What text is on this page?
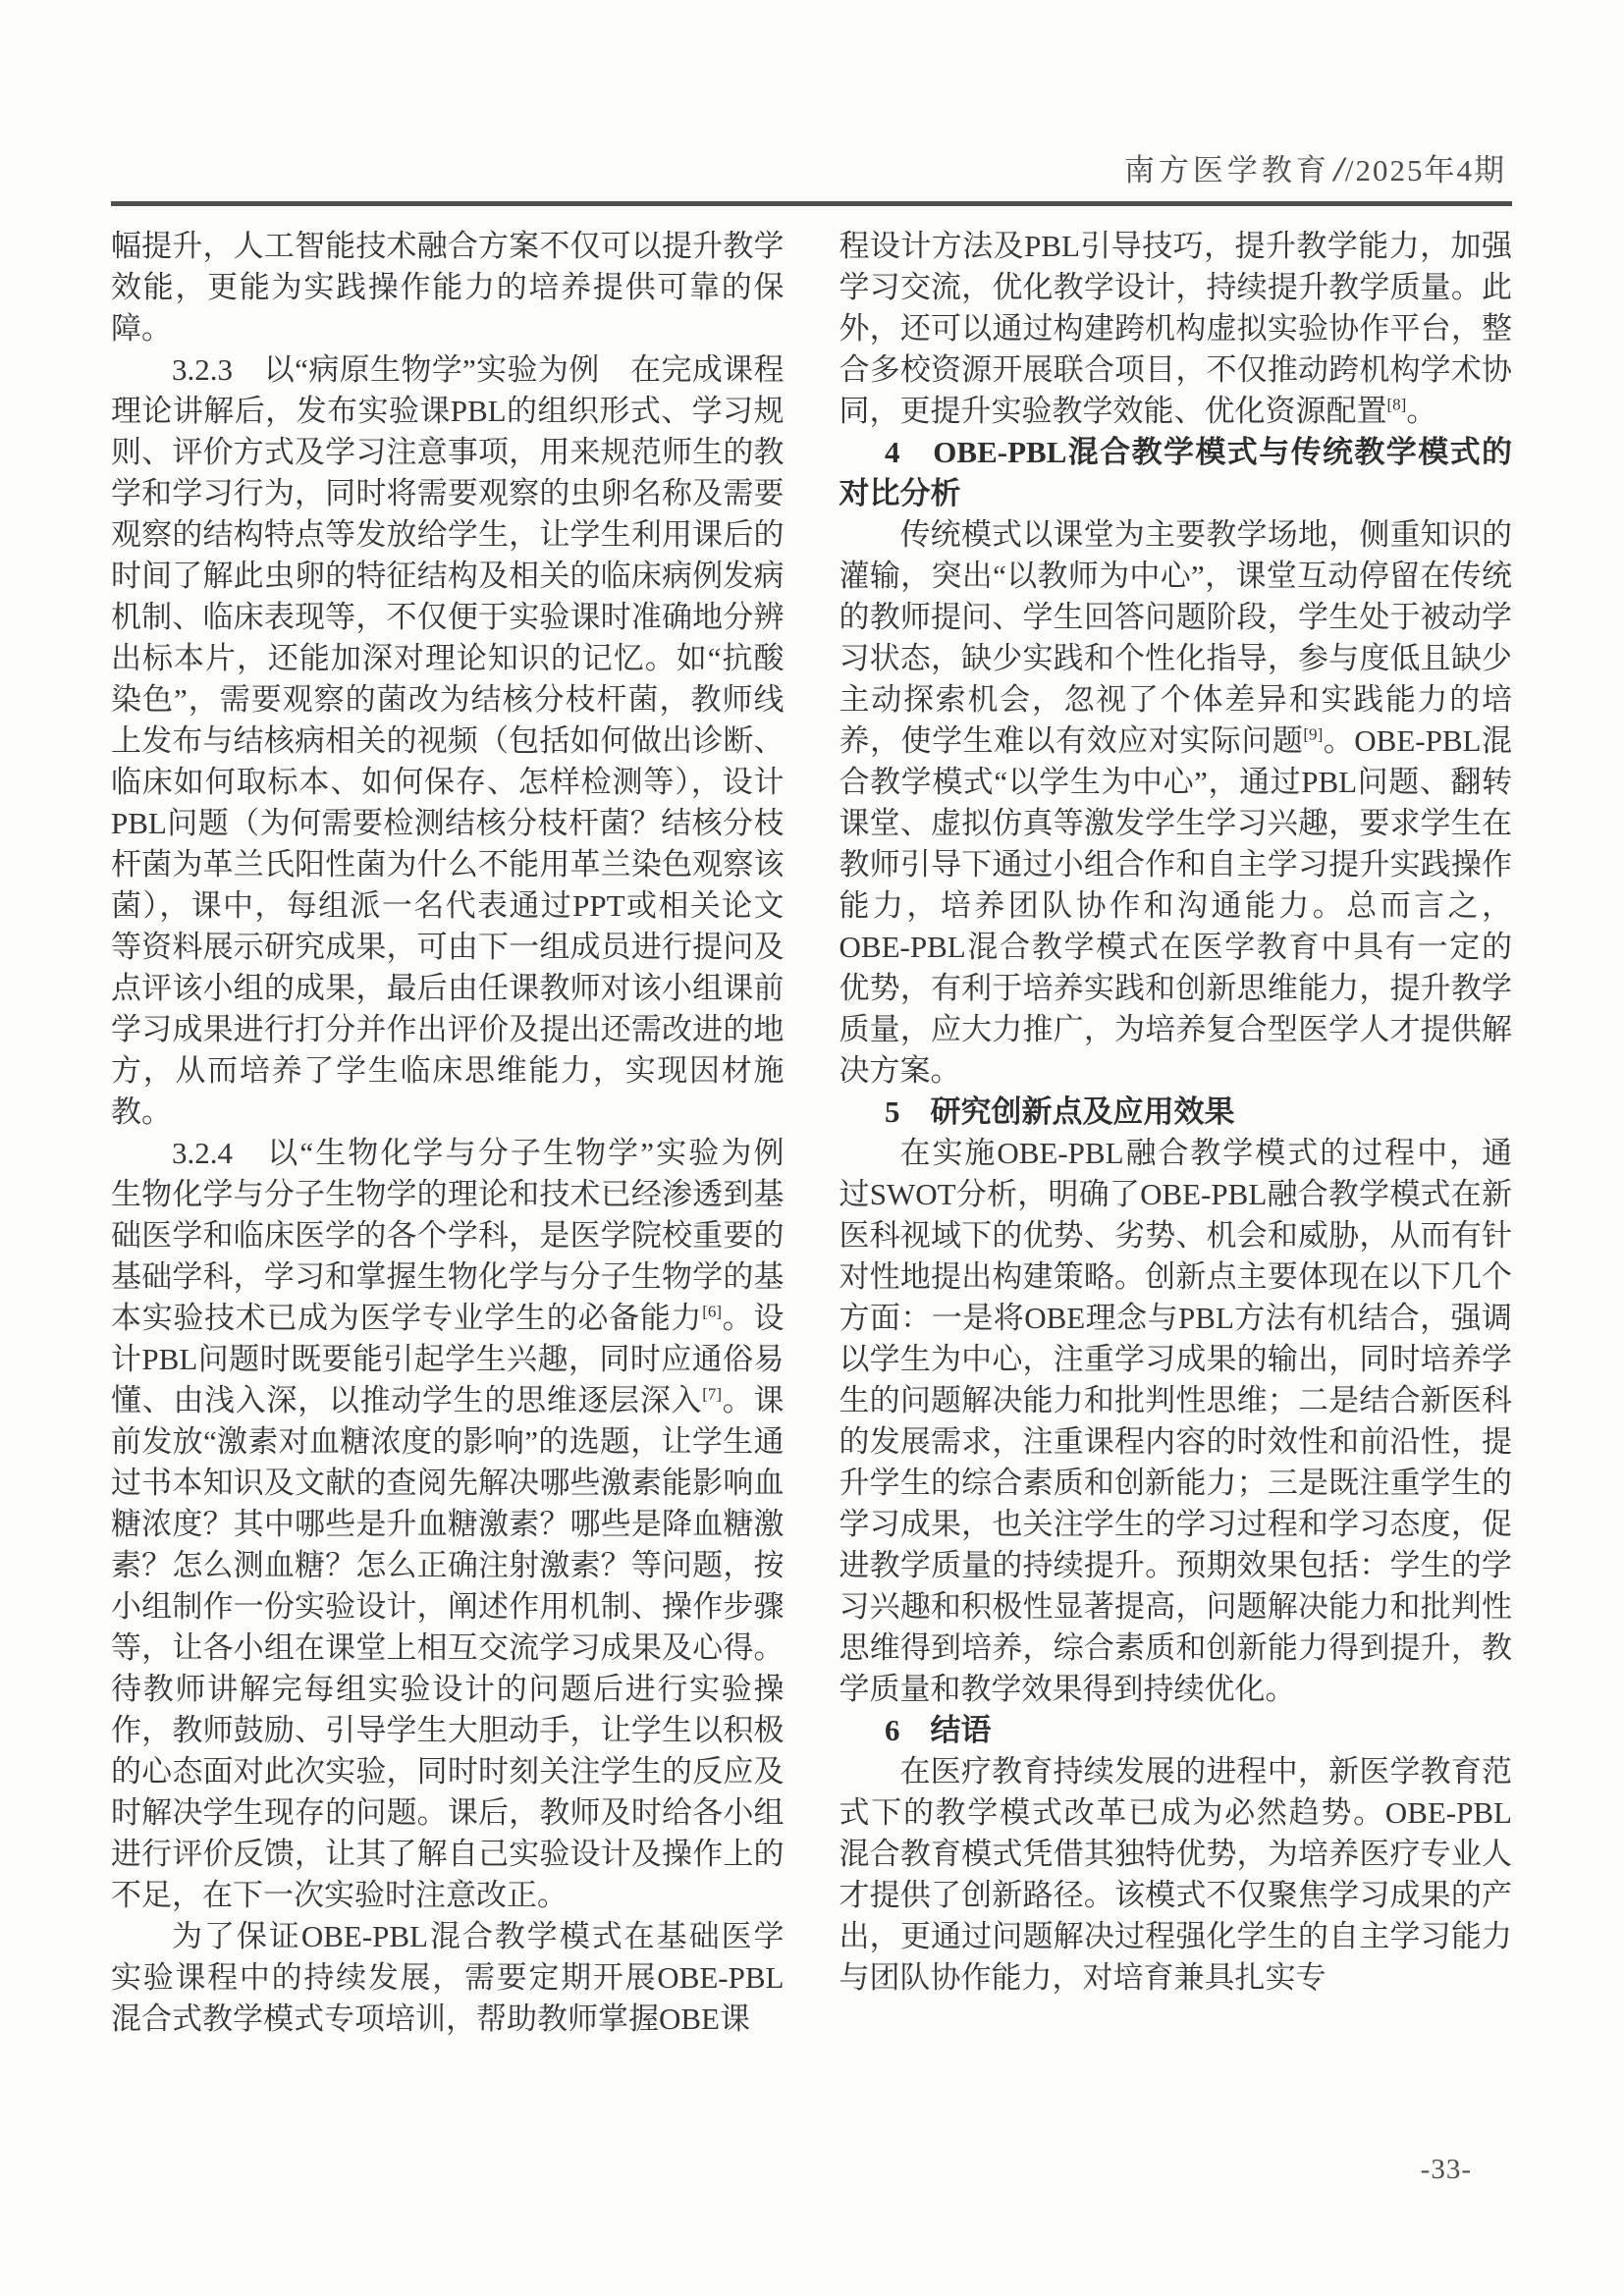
南方医学教育 / /2025年4期

幅提升，人工智能技术融合方案不仅可以提升教学效能，更能为实践操作能力的培养提供可靠的保障。

3.2.3　以“病原生物学”实验为例　在完成课程理论讲解后，发布实验课PBL的组织形式、学习规则、评价方式及学习注意事项，用来规范师生的教学和学习行为，同时将需要观察的虫卵名称及需要观察的结构特点等发放给学生，让学生利用课后的时间了解此虫卵的特征结构及相关的临床病例发病机制、临床表现等，不仅便于实验课时准确地分辨出标本片，还能加深对理论知识的记忆。如“抗酸染色”，需要观察的菌改为结核分枝杆菌，教师线上发布与结核病相关的视频（包括如何做出诊断、临床如何取标本、如何保存、怎样检测等），设计PBL问题（为何需要检测结核分枝杆菌？结核分枝杆菌为革兰氏阳性菌为什么不能用革兰染色观察该菌），课中，每组派一名代表通过PPT或相关论文等资料展示研究成果，可由下一组成员进行提问及点评该小组的成果，最后由任课教师对该小组课前学习成果进行打分并作出评价及提出还需改进的地方，从而培养了学生临床思维能力，实现因材施教。

3.2.4　以“生物化学与分子生物学”实验为例　生物化学与分子生物学的理论和技术已经渗透到基础医学和临床医学的各个学科，是医学院校重要的基础学科，学习和掌握生物化学与分子生物学的基本实验技术已成为医学专业学生的必备能力[6]。设计PBL问题时既要能引起学生兴趣，同时应通俗易懂、由浅入深，以推动学生的思维逐层深入[7]。课前发放“激素对血糖浓度的影响”的选题，让学生通过书本知识及文献的查阅先解决哪些激素能影响血糖浓度？其中哪些是升血糖激素？哪些是降血糖激素？怎么测血糖？怎么正确注射激素？等问题，按小组制作一份实验设计，阐述作用机制、操作步骤等，让各小组在课堂上相互交流学习成果及心得。待教师讲解完每组实验设计的问题后进行实验操作，教师鼓励、引导学生大胆动手，让学生以积极的心态面对此次实验，同时时刻关注学生的反应及时解决学生现存的问题。课后，教师及时给各小组进行评价反馈，让其了解自己实验设计及操作上的不足，在下一次实验时注意改正。

为了保证OBE-PBL混合教学模式在基础医学实验课程中的持续发展，需要定期开展OBE-PBL混合式教学模式专项培训，帮助教师掌握OBE课

程设计方法及PBL引导技巧，提升教学能力，加强学习交流，优化教学设计，持续提升教学质量。此外，还可以通过构建跨机构虚拟实验协作平台，整合多校资源开展联合项目，不仅推动跨机构学术协同，更提升实验教学效能、优化资源配置[8]。

4　OBE-PBL混合教学模式与传统教学模式的对比分析

传统模式以课堂为主要教学场地，侧重知识的灌输，突出“以教师为中心”，课堂互动停留在传统的教师提问、学生回答问题阶段，学生处于被动学习状态，缺少实践和个性化指导，参与度低且缺少主动探索机会，忽视了个体差异和实践能力的培养，使学生难以有效应对实际问题[9]。OBE-PBL混合教学模式“以学生为中心”，通过PBL问题、翻转课堂、虚拟仿真等激发学生学习兴趣，要求学生在教师引导下通过小组合作和自主学习提升实践操作能力，培养团队协作和沟通能力。总而言之，OBE-PBL混合教学模式在医学教育中具有一定的优势，有利于培养实践和创新思维能力，提升教学质量，应大力推广，为培养复合型医学人才提供解决方案。

5　研究创新点及应用效果

在实施OBE-PBL融合教学模式的过程中，通过SWOT分析，明确了OBE-PBL融合教学模式在新医科视域下的优势、劣势、机会和威胁，从而有针对性地提出构建策略。创新点主要体现在以下几个方面：一是将OBE理念与PBL方法有机结合，强调以学生为中心，注重学习成果的输出，同时培养学生的问题解决能力和批判性思维；二是结合新医科的发展需求，注重课程内容的时效性和前沿性，提升学生的综合素质和创新能力；三是既注重学生的学习成果，也关注学生的学习过程和学习态度，促进教学质量的持续提升。预期效果包括：学生的学习兴趣和积极性显著提高，问题解决能力和批判性思维得到培养，综合素质和创新能力得到提升，教学质量和教学效果得到持续优化。

6　结语

在医疗教育持续发展的进程中，新医学教育范式下的教学模式改革已成为必然趋势。OBE-PBL混合教育模式凭借其独特优势，为培养医疗专业人才提供了创新路径。该模式不仅聚焦学习成果的产出，更通过问题解决过程强化学生的自主学习能力与团队协作能力，对培育兼具扎实专

-33-
